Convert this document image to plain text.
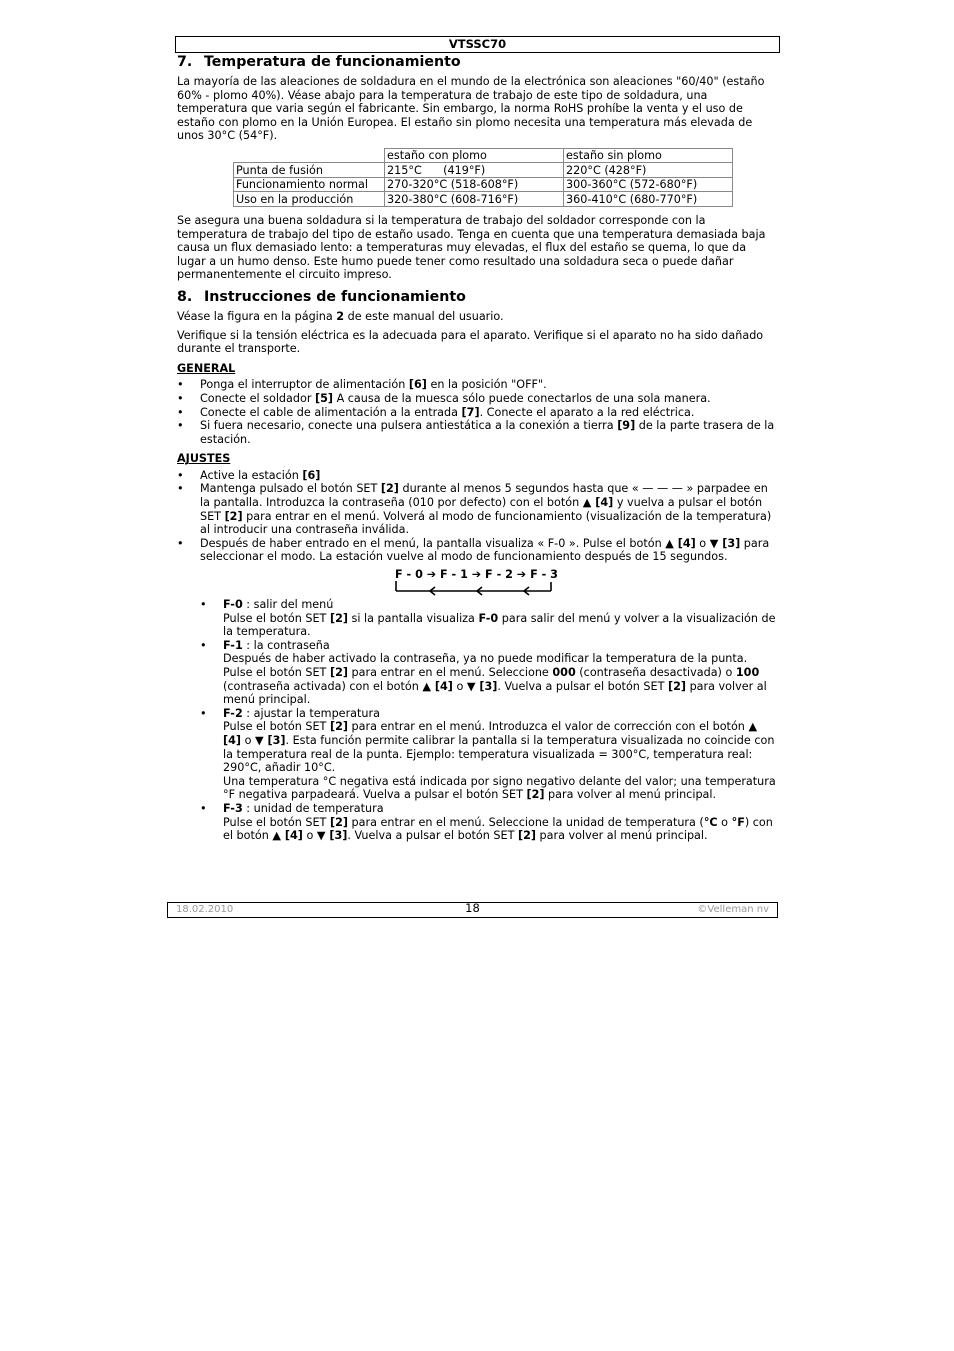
VTSSC70
7. Temperatura de funcionamiento

La mayoría de las aleaciones de soldadura en el mundo de la electrónica son aleaciones "60/40" (estaño 60% - plomo 40%). Véase abajo para la temperatura de trabajo de este tipo de soldadura, una temperatura que varia según el fabricante. Sin embargo, la norma RoHS prohíbe la venta y el uso de estaño con plomo en la Unión Europea. El estaño sin plomo necesita una temperatura más elevada de unos 30°C (54°F).

	estaño con plomo	estaño sin plomo
Punta de fusión	215°C      (419°F)	220°C (428°F)
Funcionamiento normal	270-320°C (518-608°F)	300-360°C (572-680°F)
Uso en la producción	320-380°C (608-716°F)	360-410°C (680-770°F)

Se asegura una buena soldadura si la temperatura de trabajo del soldador corresponde con la temperatura de trabajo del tipo de estaño usado. Tenga en cuenta que una temperatura demasiada baja causa un flux demasiado lento: a temperaturas muy elevadas, el flux del estaño se quema, lo que da lugar a un humo denso. Este humo puede tener como resultado una soldadura seca o puede dañar permanentemente el circuito impreso.

8. Instrucciones de funcionamiento

Véase la figura en la página 2 de este manual del usuario.

Verifique si la tensión eléctrica es la adecuada para el aparato. Verifique si el aparato no ha sido dañado durante el transporte.

GENERAL
• Ponga el interruptor de alimentación [6] en la posición "OFF".
• Conecte el soldador [5] A causa de la muesca sólo puede conectarlos de una sola manera.
• Conecte el cable de alimentación a la entrada [7]. Conecte el aparato a la red eléctrica.
• Si fuera necesario, conecte una pulsera antiestática a la conexión a tierra [9] de la parte trasera de la estación.
AJUSTES
• Active la estación [6]
• Mantenga pulsado el botón SET [2] durante al menos 5 segundos hasta que « — — — » parpadee en la pantalla. Introduzca la contraseña (010 por defecto) con el botón ▲ [4] y vuelva a pulsar el botón SET [2] para entrar en el menú. Volverá al modo de funcionamiento (visualización de la temperatura) al introducir una contraseña inválida.
• Después de haber entrado en el menú, la pantalla visualiza « F-0 ». Pulse el botón ▲ [4] o ▼ [3] para seleccionar el modo. La estación vuelve al modo de funcionamiento después de 15 segundos.
F - 0 ➔ F - 1 ➔ F - 2 ➔ F - 3
• F-0 : salir del menú
Pulse el botón SET [2] si la pantalla visualiza F-0 para salir del menú y volver a la visualización de la temperatura.
• F-1 : la contraseña
Después de haber activado la contraseña, ya no puede modificar la temperatura de la punta. Pulse el botón SET [2] para entrar en el menú. Seleccione 000 (contraseña desactivada) o 100 (contraseña activada) con el botón ▲ [4] o ▼ [3]. Vuelva a pulsar el botón SET [2] para volver al menú principal.
• F-2 : ajustar la temperatura
Pulse el botón SET [2] para entrar en el menú. Introduzca el valor de corrección con el botón ▲ [4] o ▼ [3]. Esta función permite calibrar la pantalla si la temperatura visualizada no coincide con la temperatura real de la punta. Ejemplo: temperatura visualizada = 300°C, temperatura real: 290°C, añadir 10°C.
Una temperatura °C negativa está indicada por signo negativo delante del valor; una temperatura °F negativa parpadeará. Vuelva a pulsar el botón SET [2] para volver al menú principal.
• F-3 : unidad de temperatura
Pulse el botón SET [2] para entrar en el menú. Seleccione la unidad de temperatura (°C o °F) con el botón ▲ [4] o ▼ [3]. Vuelva a pulsar el botón SET [2] para volver al menú principal.
18.02.2010	18	©Velleman nv
